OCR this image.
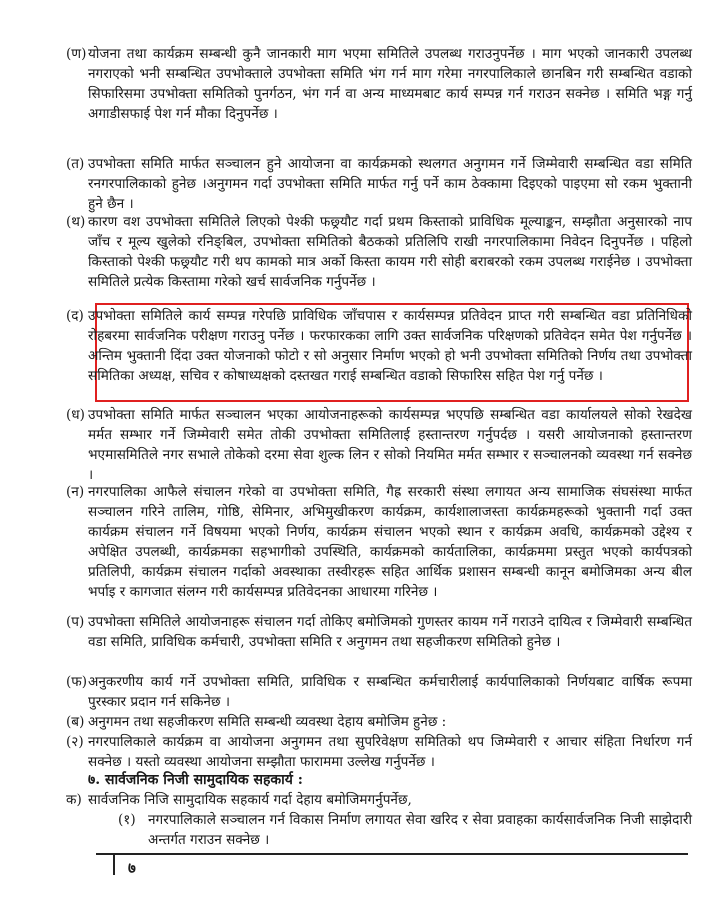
(ण) योजना तथा कार्यक्रम सम्बन्धी कुनै जानकारी माग भएमा समितिले उपलब्ध गराउनुपर्नेछ । माग भएको जानकारी उपलब्ध नगराएको भनी सम्बन्धित उपभोक्ताले उपभोक्ता समिति भंग गर्न माग गरेमा नगरपालिकाले छानबिन गरी सम्बन्धित वडाको सिफारिसमा उपभोक्ता समितिको पुनर्गठन, भंग गर्न वा अन्य माध्यमबाट कार्य सम्पन्न गर्न गराउन सक्नेछ । समिति भङ्ग गर्नु अगाडीसफाई पेश गर्न मौका दिनुपर्नेछ ।
(त) उपभोक्ता समिति मार्फत सञ्चालन हुने आयोजना वा कार्यक्रमको स्थलगत अनुगमन गर्ने जिम्मेवारी सम्बन्धित वडा समिति रनगरपालिकाको हुनेछ ।अनुगमन गर्दा उपभोक्ता समिति मार्फत गर्नु पर्ने काम ठेक्कामा दिइएको पाइएमा सो रकम भुक्तानी हुने छैन ।
(थ) कारण वश उपभोक्ता समितिले लिएको पेश्की फछ्र्यौट गर्दा प्रथम किस्ताको प्राविधिक मूल्याङ्कन, सम्झौता अनुसारको नाप जाँच र मूल्य खुलेको रनिङ्बिल, उपभोक्ता समितिको बैठकको प्रतिलिपि राखी नगरपालिकामा निवेदन दिनुपर्नेछ । पहिलो किस्ताको पेश्की फछ्र्यौट गरी थप कामको मात्र अर्को किस्ता कायम गरी सोही बराबरको रकम उपलब्ध गराईनेछ । उपभोक्ता समितिले प्रत्येक किस्तामा गरेको खर्च सार्वजनिक गर्नुपर्नेछ ।
(द) उपभोक्ता समितिले कार्य सम्पन्न गरेपछि प्राविधिक जाँचपास र कार्यसम्पन्न प्रतिवेदन प्राप्त गरी सम्बन्धित वडा प्रतिनिधिको रोहबरमा सार्वजनिक परीक्षण गराउनु पर्नेछ । फरफारकका लागि उक्त सार्वजनिक परिक्षणको प्रतिवेदन समेत पेश गर्नुपर्नेछ । अन्तिम भुक्तानी दिंदा उक्त योजनाको फोटो र सो अनुसार निर्माण भएको हो भनी उपभोक्ता समितिको निर्णय तथा उपभोक्ता समितिका अध्यक्ष, सचिव र कोषाध्यक्षको दस्तखत गराई सम्बन्धित वडाको सिफारिस सहित पेश गर्नु पर्नेछ ।
(ध) उपभोक्ता समिति मार्फत सञ्चालन भएका आयोजनाहरूको कार्यसम्पन्न भएपछि सम्बन्धित वडा कार्यालयले सोको रेखदेख मर्मत सम्भार गर्ने जिम्मेवारी समेत तोकी उपभोक्ता समितिलाई हस्तान्तरण गर्नुपर्दछ । यसरी आयोजनाको हस्तान्तरण भएमासमितिले नगर सभाले तोकेको दरमा सेवा शुल्क लिन र सोको नियमित मर्मत सम्भार र सञ्चालनको व्यवस्था गर्न सक्नेछ ।
(न) नगरपालिका आफैले संचालन गरेको वा उपभोक्ता समिति, गैह्र सरकारी संस्था लगायत अन्य सामाजिक संघसंस्था मार्फत सञ्चालन गरिने तालिम, गोष्ठि, सेमिनार, अभिमुखीकरण कार्यक्रम, कार्यशालाजस्ता कार्यक्रमहरूको भुक्तानी गर्दा उक्त कार्यक्रम संचालन गर्ने विषयमा भएको निर्णय, कार्यक्रम संचालन भएको स्थान र कार्यक्रम अवधि, कार्यक्रमको उद्देश्य र अपेक्षित उपलब्धी, कार्यक्रमका सहभागीको उपस्थिति, कार्यक्रमको कार्यतालिका, कार्यक्रममा प्रस्तुत भएको कार्यपत्रको प्रतिलिपी, कार्यक्रम संचालन गर्दाको अवस्थाका तस्वीरहरू सहित आर्थिक प्रशासन सम्बन्धी कानून बमोजिमका अन्य बील भर्पाइ र कागजात संलग्न गरी कार्यसम्पन्न प्रतिवेदनका आधारमा गरिनेछ ।
(प) उपभोक्ता समितिले आयोजनाहरू संचालन गर्दा तोकिए बमोजिमको गुणस्तर कायम गर्ने गराउने दायित्व र जिम्मेवारी सम्बन्धित वडा समिति, प्राविधिक कर्मचारी, उपभोक्ता समिति र अनुगमन तथा सहजीकरण समितिको हुनेछ ।
(फ) अनुकरणीय कार्य गर्ने उपभोक्ता समिति, प्राविधिक र सम्बन्धित कर्मचारीलाई कार्यपालिकाको निर्णयबाट वार्षिक रूपमा पुरस्कार प्रदान गर्न सकिनेछ ।
(ब) अनुगमन तथा सहजीकरण समिति सम्बन्धी व्यवस्था देहाय बमोजिम हुनेछ :
(२) नगरपालिकाले कार्यक्रम वा आयोजना अनुगमन तथा सुपरिवेक्षण समितिको थप जिम्मेवारी र आचार संहिता निर्धारण गर्न सक्नेछ । यस्तो व्यवस्था आयोजना सम्झौता फाराममा उल्लेख गर्नुपर्नेछ ।
७. सार्वजनिक निजी सामुदायिक सहकार्य :
क) सार्वजनिक निजि सामुदायिक सहकार्य गर्दा देहाय बमोजिमगर्नुपर्नेछ,
(१) नगरपालिकाले सञ्चालन गर्न विकास निर्माण लगायत सेवा खरिद र सेवा प्रवाहका कार्यसार्वजनिक निजी साझेदारी अन्तर्गत गराउन सक्नेछ ।
७
